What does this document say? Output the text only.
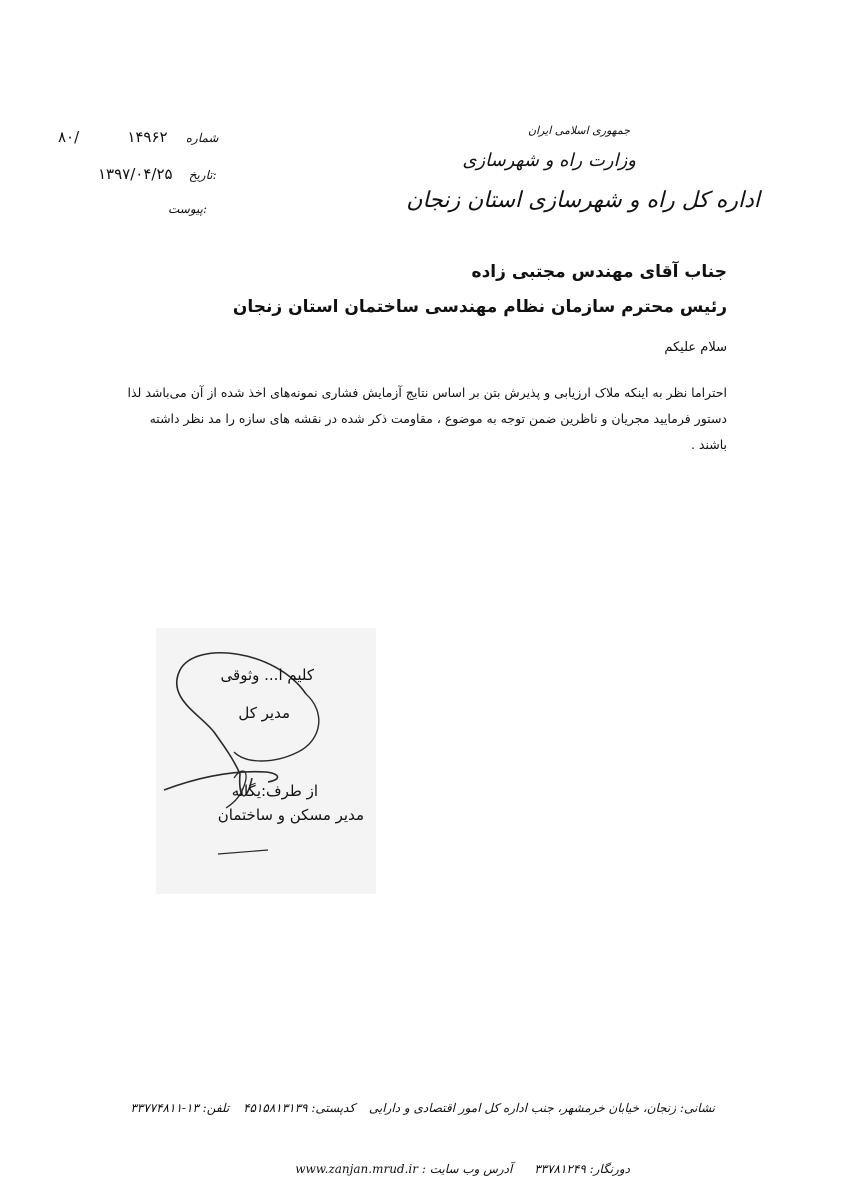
جمهوری اسلامی ایران
وزارت راه و شهرسازی
اداره کل راه و شهرسازی استان زنجان
۸۰/	۱۴۹۶۲ شماره
۱۳۹۷/۰۴/۲۵ تاریخ:
پیوست:
جناب آقای مهندس مجتبی زاده
رئیس محترم سازمان نظام مهندسی ساختمان استان زنجان
سلام علیکم
احتراما نظر به اینکه ملاک ارزیابی و پذیرش بتن بر اساس نتایج آزمایش فشاری نمونه‌های اخذ شده از آن می‌باشد لذا دستور فرمایید مجریان و ناظرین ضمن توجه به موضوع ، مقاومت ذکر شده در نقشه های سازه را مد نظر داشته باشند .
کلیم ا... وثوقی
مدیر کل
از طرف:یگانه
مدیر مسکن و ساختمان
نشانی: زنجان، خیابان خرمشهر، جنب اداره کل امور اقتصادی و دارایی کدپستی: ۴۵۱۵۸۱۳۱۳۹ تلفن: ۱۳-۳۳۷۷۴۸۱۱
دورنگار: ۳۳۷۸۱۲۴۹ آدرس وب سایت : www.zanjan.mrud.ir
